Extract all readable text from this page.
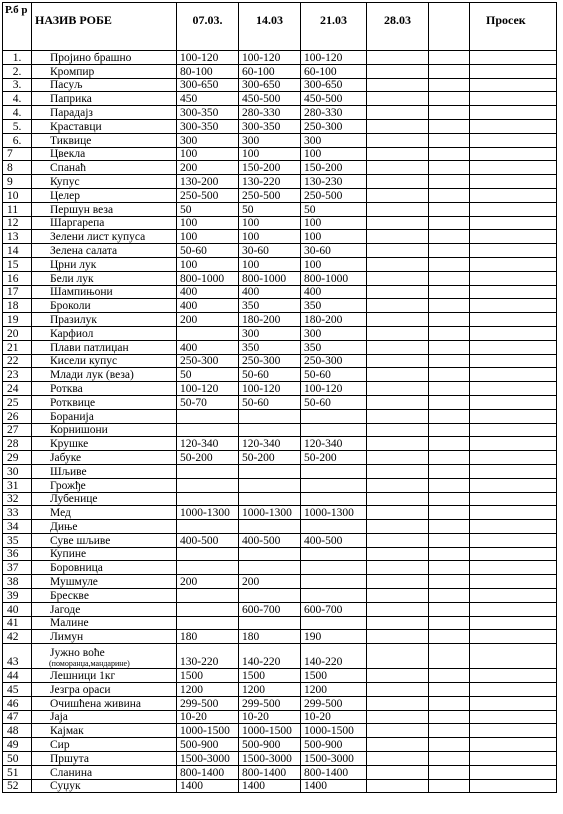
Р.б р	НАЗИВ РОБЕ	07.03.	14.03	21.03	28.03		Просек
1.	Пројино брашно	100-120	100-120	100-120			
2.	Кромпир	80-100	60-100	60-100			
3.	Пасуљ	300-650	300-650	300-650			
4.	Паприка	450	450-500	450-500			
4.	Парадајз	300-350	280-330	280-330			
5.	Краставци	300-350	300-350	250-300			
6.	Тиквице	300	300	300			
7	Цвекла	100	100	100			
8	Спанаћ	200	150-200	150-200			
9	Купус	130-200	130-220	130-230			
10	Целер	250-500	250-500	250-500			
11	Першун веза	50	50	50			
12	Шаргарепа	100	100	100			
13	Зелени лист купуса	100	100	100			
14	Зелена салата	50-60	30-60	30-60			
15	Црни лук	100	100	100			
16	Бели лук	800-1000	800-1000	800-1000			
17	Шампињони	400	400	400			
18	Броколи	400	350	350			
19	Празилук	200	180-200	180-200			
20	Карфиол		300	300			
21	Плави патлиџан	400	350	350			
22	Кисели купус	250-300	250-300	250-300			
23	Млади лук (веза)	50	50-60	50-60			
24	Ротква	100-120	100-120	100-120			
25	Ротквице	50-70	50-60	50-60			
26	Боранија						
27	Корнишони						
28	Крушке	120-340	120-340	120-340			
29	Јабуке	50-200	50-200	50-200			
30	Шљиве						
31	Грожђе						
32	Лубенице						
33	Мед	1000-1300	1000-1300	1000-1300			
34	Диње						
35	Суве шљиве	400-500	400-500	400-500			
36	Купине						
37	Боровница						
38	Мушмуле	200	200				
39	Бресквe						
40	Јагоде		600-700	600-700			
41	Малине						
42	Лимун	180	180	190			
43	Јужно воће
(поморанџа,мандарине)	130-220	140-220	140-220			
44	Лешници 1кг	1500	1500	1500			
45	Језгра ораси	1200	1200	1200			
46	Очишћена живина	299-500	299-500	299-500			
47	Јаја	10-20	10-20	10-20			
48	Кајмак	1000-1500	1000-1500	1000-1500			
49	Сир	500-900	500-900	500-900			
50	Пршута	1500-3000	1500-3000	1500-3000			
51	Сланина	800-1400	800-1400	800-1400			
52	Суџук	1400	1400	1400			
